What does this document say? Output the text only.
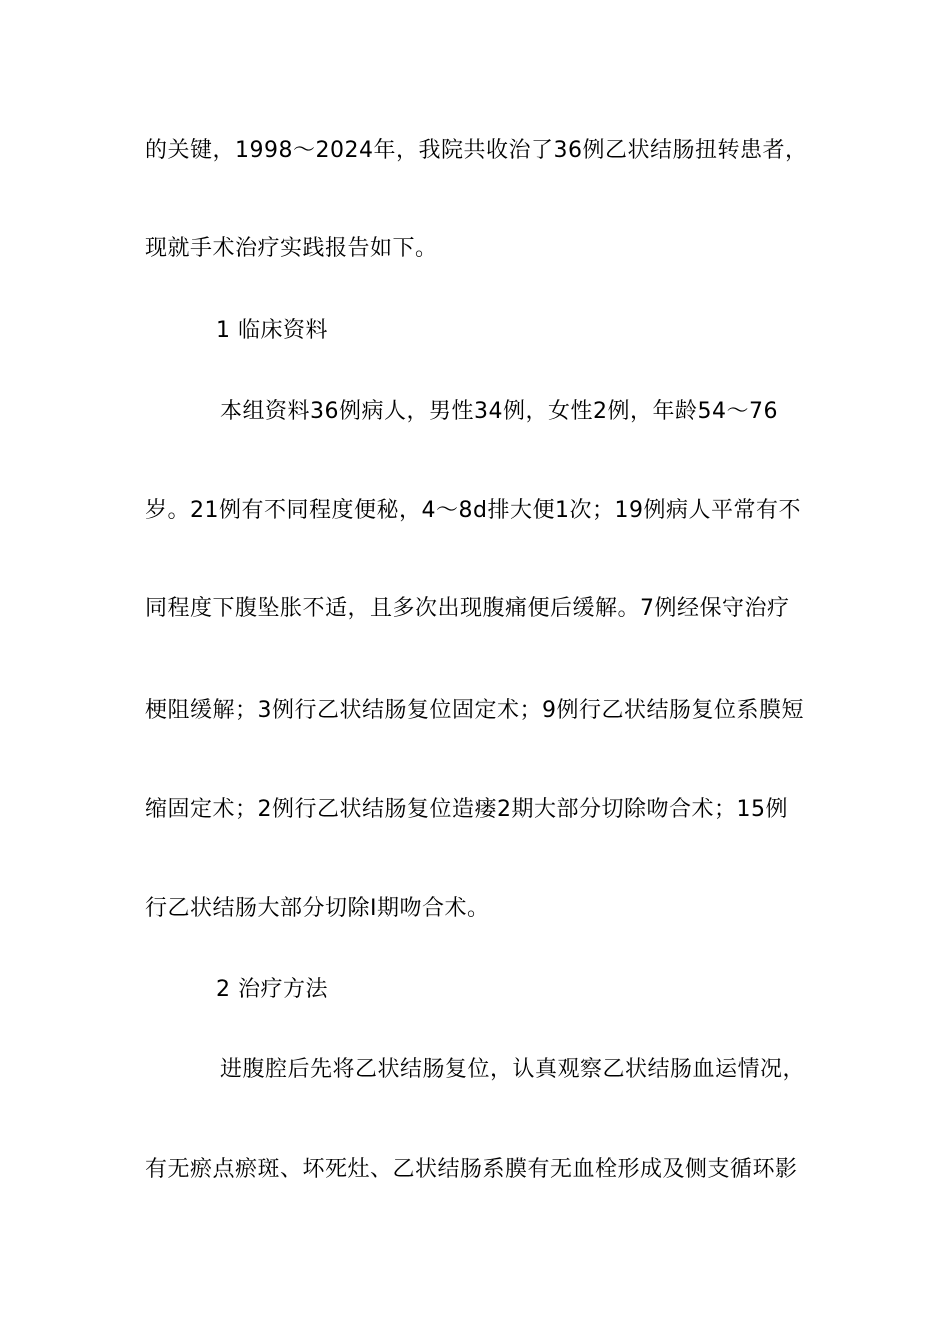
的关键，1998～2024年，我院共收治了36例乙状结肠扭转患者，
现就手术治疗实践报告如下。
1 临床资料
本组资料36例病人，男性34例，女性2例，年龄54～76
岁。21例有不同程度便秘，4～8d排大便1次；19例病人平常有不
同程度下腹坠胀不适，且多次出现腹痛便后缓解。7例经保守治疗
梗阻缓解；3例行乙状结肠复位固定术；9例行乙状结肠复位系膜短
缩固定术；2例行乙状结肠复位造瘘2期大部分切除吻合术；15例
行乙状结肠大部分切除Ⅰ期吻合术。
2 治疗方法
进腹腔后先将乙状结肠复位，认真观察乙状结肠血运情况，
有无瘀点瘀斑、坏死灶、乙状结肠系膜有无血栓形成及侧支循环影
